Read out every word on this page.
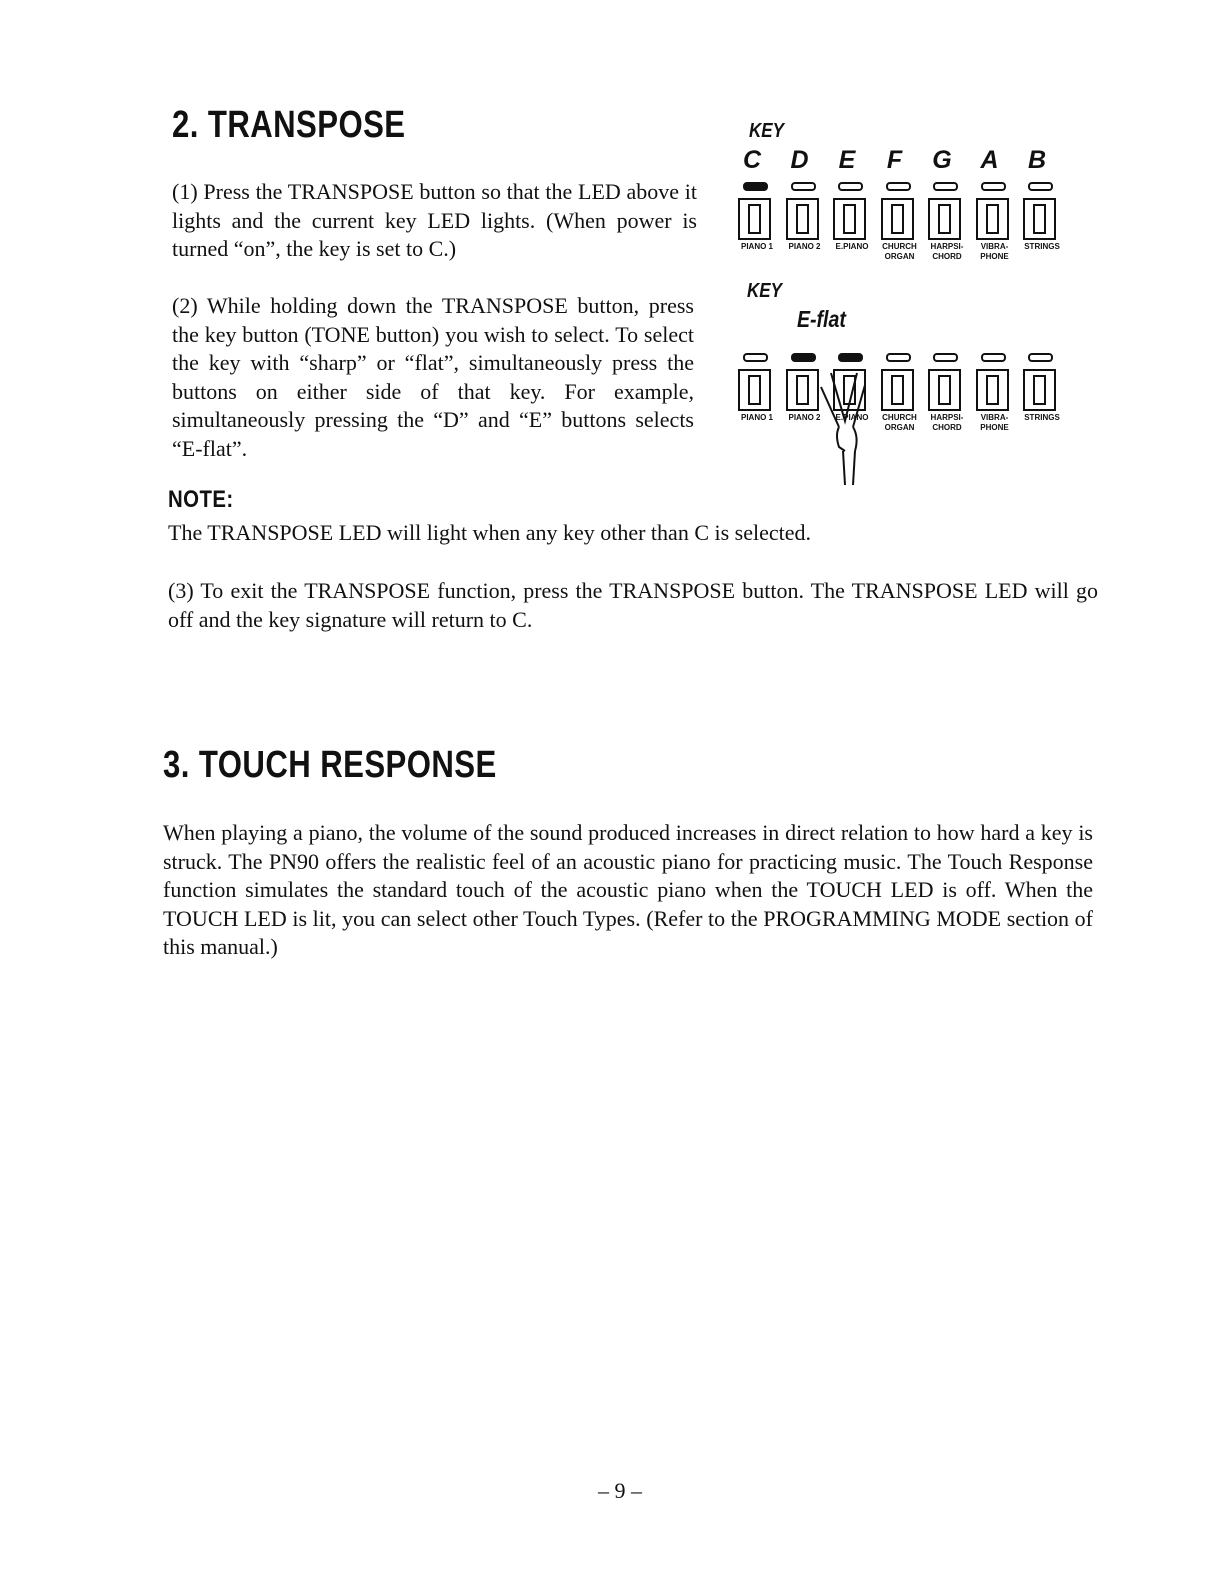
2. TRANSPOSE

(1) Press the TRANSPOSE button so that the LED above it lights and the current key LED lights. (When power is turned “on”, the key is set to C.)

(2) While holding down the TRANSPOSE button, press the key button (TONE button) you wish to select. To select the key with “sharp” or “flat”, simultaneously press the buttons on either side of that key. For example, simultaneously pressing the “D” and “E” buttons selects “E-flat”.

NOTE:

The TRANSPOSE LED will light when any key other than C is selected.

(3) To exit the TRANSPOSE function, press the TRANSPOSE button. The TRANSPOSE LED will go off and the key signature will return to C.

KEY
C D E F G A B
PIANO 1	PIANO 2	E.PIANO	CHURCH
ORGAN
HARPSI-
CHORD
VIBRA-
PHONE
STRINGS
KEY
E-flat
PIANO 1	PIANO 2	E.PIANO	CHURCH
ORGAN
HARPSI-
CHORD
VIBRA-
PHONE
STRINGS
3. TOUCH RESPONSE

When playing a piano, the volume of the sound produced increases in direct relation to how hard a key is struck. The PN90 offers the realistic feel of an acoustic piano for practicing music. The Touch Response function simulates the standard touch of the acoustic piano when the TOUCH LED is off. When the TOUCH LED is lit, you can select other Touch Types. (Refer to the PROGRAMMING MODE section of this manual.)

– 9 –
